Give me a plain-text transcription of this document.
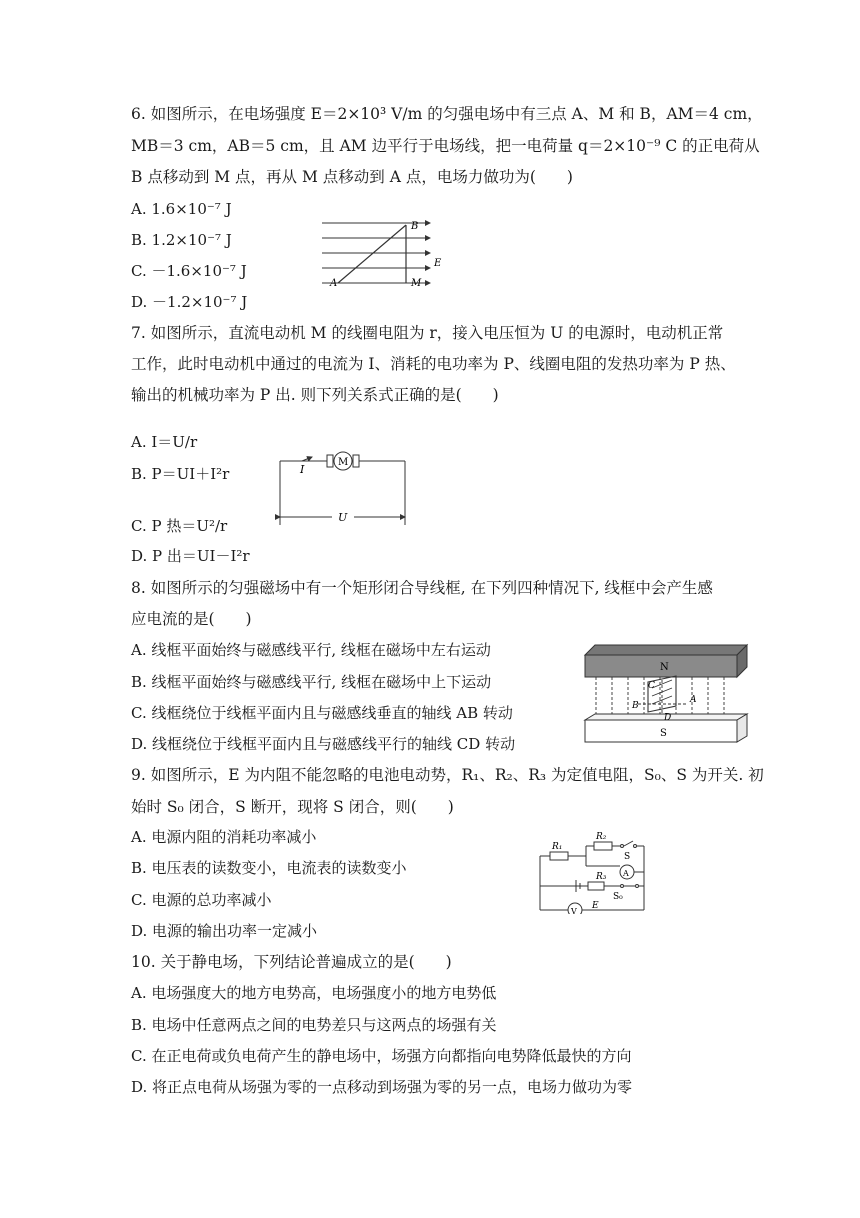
6. 如图所示，在电场强度 E＝2×10³ V/m 的匀强电场中有三点 A、M 和 B，AM＝4 cm，
MB＝3 cm，AB＝5 cm，且 AM 边平行于电场线，把一电荷量 q＝2×10⁻⁹ C 的正电荷从
B 点移动到 M 点，再从 M 点移动到 A 点，电场力做功为(　　)
A. 1.6×10⁻⁷ J
B. 1.2×10⁻⁷ J
C. －1.6×10⁻⁷ J
D. －1.2×10⁻⁷ J
B
E
A	M
7. 如图所示，直流电动机 M 的线圈电阻为 r，接入电压恒为 U 的电源时，电动机正常
工作，此时电动机中通过的电流为 I、消耗的电功率为 P、线圈电阻的发热功率为 P 热、
输出的机械功率为 P 出. 则下列关系式正确的是(　　)
A. I＝U/r
B. P＝UI＋I²r
C. P 热＝U²/r
D. P 出＝UI－I²r
I
M
U
8. 如图所示的匀强磁场中有一个矩形闭合导线框, 在下列四种情况下, 线框中会产生感
应电流的是(　　)
A. 线框平面始终与磁感线平行, 线框在磁场中左右运动
B. 线框平面始终与磁感线平行, 线框在磁场中上下运动
C. 线框绕位于线框平面内且与磁感线垂直的轴线 AB 转动
D. 线框绕位于线框平面内且与磁感线平行的轴线 CD 转动
N
S
C
A
B
D
9. 如图所示，E 为内阻不能忽略的电池电动势，R₁、R₂、R₃ 为定值电阻，S₀、S 为开关. 初
始时 S₀ 闭合，S 断开，现将 S 闭合，则(　　)
A. 电源内阻的消耗功率减小
B. 电压表的读数变小，电流表的读数变小
C. 电源的总功率减小
D. 电源的输出功率一定减小
R₁
R₂
R₃
S
A
S₀
V
E
10. 关于静电场，下列结论普遍成立的是(　　)
A. 电场强度大的地方电势高，电场强度小的地方电势低
B. 电场中任意两点之间的电势差只与这两点的场强有关
C. 在正电荷或负电荷产生的静电场中，场强方向都指向电势降低最快的方向
D. 将正点电荷从场强为零的一点移动到场强为零的另一点，电场力做功为零
